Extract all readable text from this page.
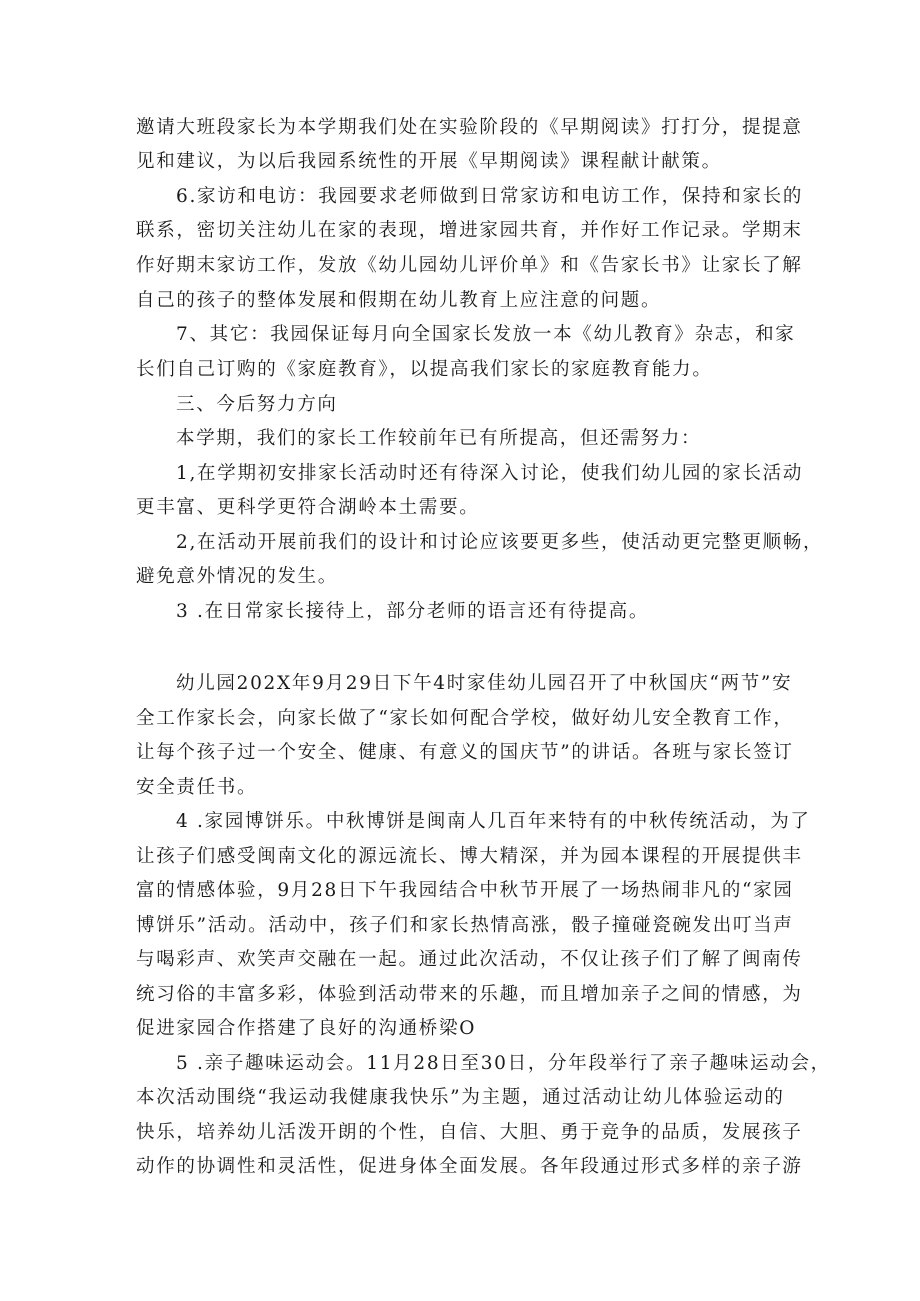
邀请大班段家长为本学期我们处在实验阶段的《早期阅读》打打分，提提意
见和建议，为以后我园系统性的开展《早期阅读》课程献计献策。
6.家访和电访：我园要求老师做到日常家访和电访工作，保持和家长的
联系，密切关注幼儿在家的表现，增进家园共育，并作好工作记录。学期末
作好期末家访工作，发放《幼儿园幼儿评价单》和《告家长书》让家长了解
自己的孩子的整体发展和假期在幼儿教育上应注意的问题。
7、其它：我园保证每月向全国家长发放一本《幼儿教育》杂志，和家
长们自己订购的《家庭教育》，以提高我们家长的家庭教育能力。
三、今后努力方向
本学期，我们的家长工作较前年已有所提高，但还需努力：
1,在学期初安排家长活动时还有待深入讨论，使我们幼儿园的家长活动
更丰富、更科学更符合湖岭本土需要。
2,在活动开展前我们的设计和讨论应该要更多些，使活动更完整更顺畅，
避免意外情况的发生。
3 .在日常家长接待上，部分老师的语言还有待提高。
幼儿园202X年9月29日下午4时家佳幼儿园召开了中秋国庆“两节”安
全工作家长会，向家长做了“家长如何配合学校，做好幼儿安全教育工作，
让每个孩子过一个安全、健康、有意义的国庆节”的讲话。各班与家长签订
安全责任书。
4 .家园博饼乐。中秋博饼是闽南人几百年来特有的中秋传统活动，为了
让孩子们感受闽南文化的源远流长、博大精深，并为园本课程的开展提供丰
富的情感体验，9月28日下午我园结合中秋节开展了一场热闹非凡的“家园
博饼乐”活动。活动中，孩子们和家长热情高涨，骰子撞碰瓷碗发出叮当声
与喝彩声、欢笑声交融在一起。通过此次活动，不仅让孩子们了解了闽南传
统习俗的丰富多彩，体验到活动带来的乐趣，而且增加亲子之间的情感，为
促进家园合作搭建了良好的沟通桥梁O
5 .亲子趣味运动会。11月28日至30日，分年段举行了亲子趣味运动会，
本次活动围绕“我运动我健康我快乐”为主题，通过活动让幼儿体验运动的
快乐，培养幼儿活泼开朗的个性，自信、大胆、勇于竞争的品质，发展孩子
动作的协调性和灵活性，促进身体全面发展。各年段通过形式多样的亲子游
